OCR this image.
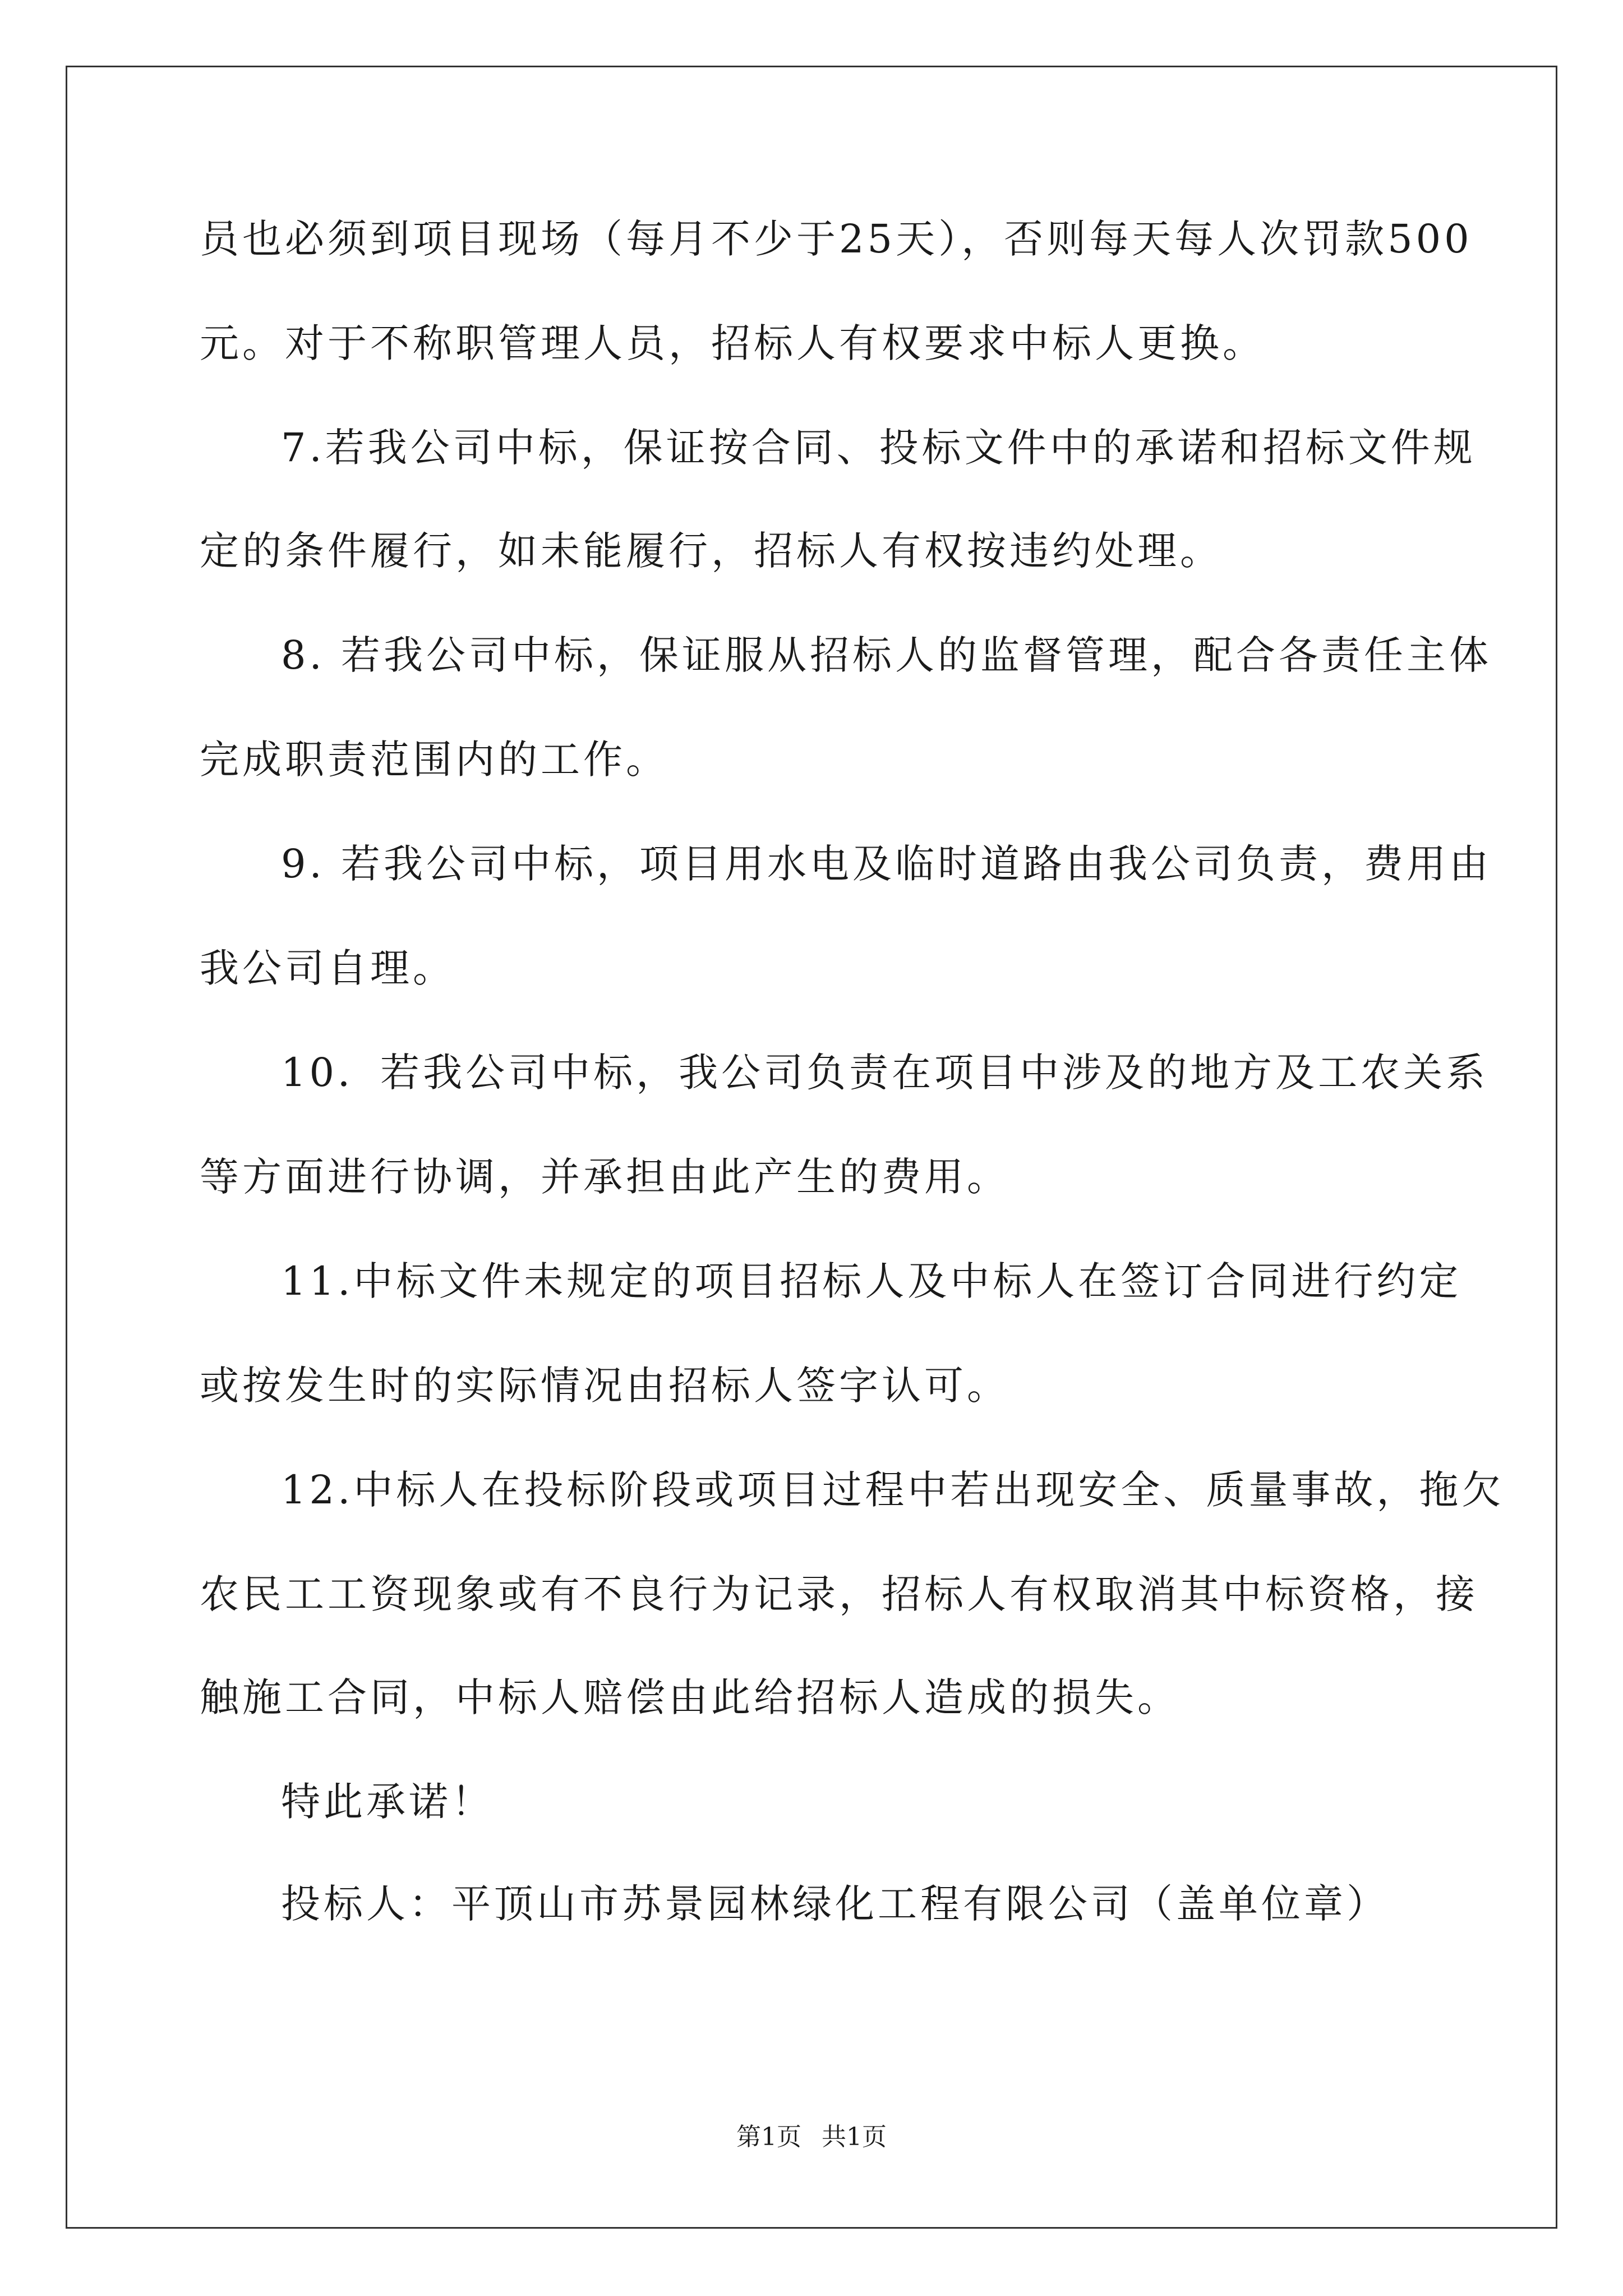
员也必须到项目现场（每月不少于25天），否则每天每人次罚款500
元。对于不称职管理人员，招标人有权要求中标人更换。
7.若我公司中标，保证按合同、投标文件中的承诺和招标文件规
定的条件履行，如未能履行，招标人有权按违约处理。
8. 若我公司中标，保证服从招标人的监督管理，配合各责任主体
完成职责范围内的工作。
9. 若我公司中标，项目用水电及临时道路由我公司负责，费用由
我公司自理。
10．若我公司中标，我公司负责在项目中涉及的地方及工农关系
等方面进行协调，并承担由此产生的费用。
11.中标文件未规定的项目招标人及中标人在签订合同进行约定
或按发生时的实际情况由招标人签字认可。
12.中标人在投标阶段或项目过程中若出现安全、质量事故，拖欠
农民工工资现象或有不良行为记录，招标人有权取消其中标资格，接
触施工合同，中标人赔偿由此给招标人造成的损失。
特此承诺！
投标人：平顶山市苏景园林绿化工程有限公司（盖单位章）
第1页 共1页
